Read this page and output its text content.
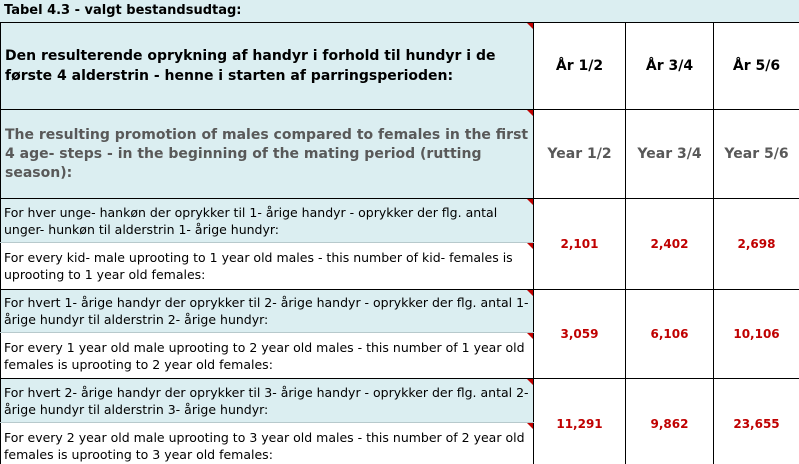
Tabel 4.3 - valgt bestandsudtag:
Den resulterende oprykning af handyr i forhold til hundyr i de første 4 alderstrin - henne i starten af parringsperioden:	År 1/2	År 3/4	År 5/6
The resulting promotion of males compared to females in the first 4 age- steps - in the beginning of the mating period (rutting season):	Year 1/2	Year 3/4	Year 5/6
For hver unge- hankøn der oprykker til 1- årige handyr - oprykker der flg. antal unger- hunkøn til alderstrin 1- årige hundyr:	2,101	2,402	2,698
For every kid- male uprooting to 1 year old males - this number of kid- females is uprooting to 1 year old females:			

For hvert 1- årige handyr der oprykker til 2- årige handyr - oprykker der flg. antal 1- årige hundyr til alderstrin 2- årige hundyr:	3,059	6,106	10,106
For every 1 year old male uprooting to 2 year old males - this number of 1 year old females is uprooting to 2 year old females:			

For hvert 2- årige handyr der oprykker til 3- årige handyr - oprykker der flg. antal 2- årige hundyr til alderstrin 3- årige hundyr:	11,291	9,862	23,655
For every 2 year old male uprooting to 3 year old males - this number of 2 year old females is uprooting to 3 year old females:			
